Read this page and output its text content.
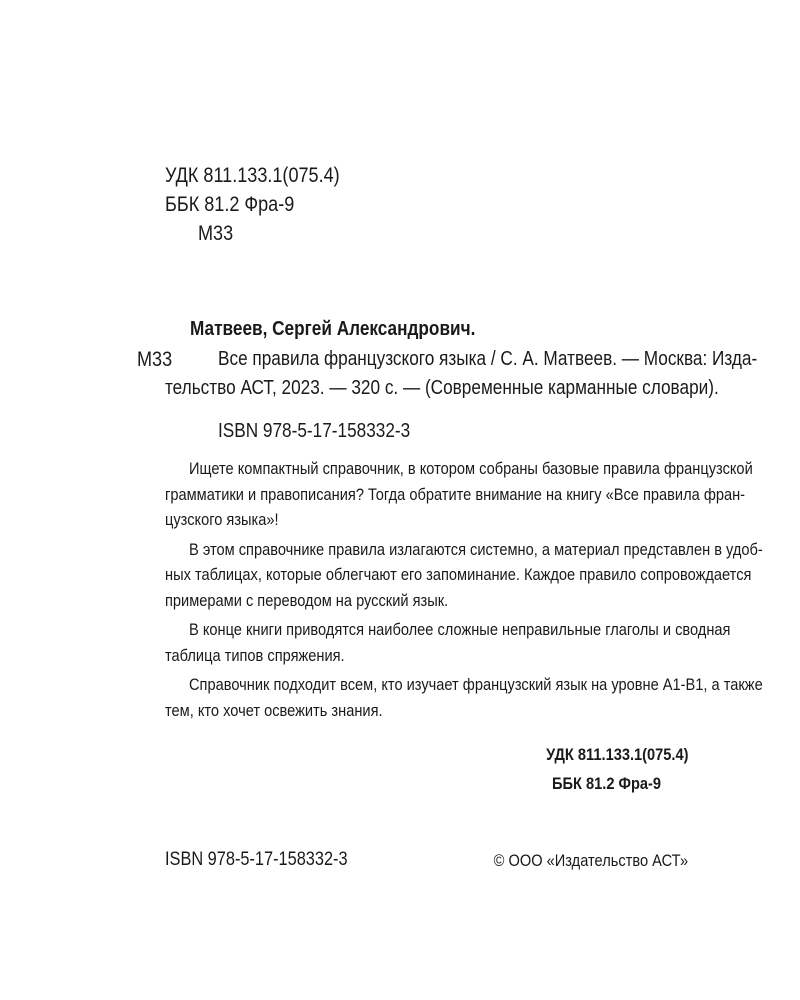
УДК 811.133.1(075.4)
ББК 81.2 Фра-9
М33
Матвеев, Сергей Александрович.
М33	Все правила французского языка / С. А. Матвеев. — Москва: Изда-
тельство АСТ, 2023. — 320 с. — (Современные карманные словари).
ISBN 978-5-17-158332-3
Ищете компактный справочник, в котором собраны базовые правила французской
грамматики и правописания? Тогда обратите внимание на книгу «Все правила фран-
цузского языка»!
В этом справочнике правила излагаются системно, а материал представлен в удоб-
ных таблицах, которые облегчают его запоминание. Каждое правило сопровождается
примерами с переводом на русский язык.
В конце книги приводятся наиболее сложные неправильные глаголы и сводная
таблица типов спряжения.
Справочник подходит всем, кто изучает французский язык на уровне A1-B1, а также
тем, кто хочет освежить знания.
УДК 811.133.1(075.4)
ББК 81.2 Фра-9
ISBN 978-5-17-158332-3	© ООО «Издательство АСТ»
